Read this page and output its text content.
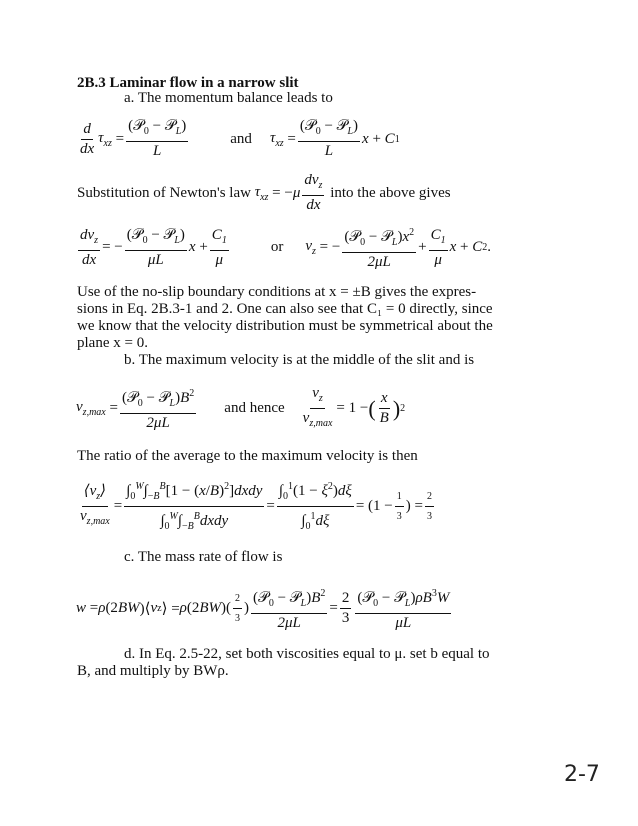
2B.3 Laminar flow in a narrow slit
a. The momentum balance leads to
$\frac{d}{dx} \tau_{xz} = \frac{(𝒫_0 - 𝒫_L)}{L}$	and $\tau_{xz} = \frac{(𝒫_0 - 𝒫_L)}{L}$ x + C 1
Substitution of Newton's law $\tau_{xz}$ = − μ $\frac{dv_z}{dx}$ into the above gives
$\frac{dv_z}{dx}$ = − $\frac{(𝒫_0 - 𝒫_L)}{\mu L}$ $x + \frac{C_1}{\mu}$	or $v_z$ = − $\frac{(𝒫_0 - 𝒫_L)x^2}{2\mu L} + \frac{C_1}{\mu}$ x + C 2 .
Use of the no-slip boundary conditions at x = ±B gives the expres-
sions in Eq. 2B.3-1 and 2. One can also see that C₁ = 0 directly, since
we know that the velocity distribution must be symmetrical about the
plane x = 0.
b. The maximum velocity is at the middle of the slit and is
$v_{z,max} = \frac{(𝒫_0 - 𝒫_L)B^2}{2\mu L}$ and hence $\frac{v_z}{v_{z,max}} = 1$ − ( $\frac{x}{B}$ ) 2
The ratio of the average to the maximum velocity is then
$\frac{⟨v_z⟩}{v_{z,max}} = \frac{\int_0^W\int_{-B}^B[1 - (x/B)^2]dxdy}{\int_0^W\int_{-B}^Bdxdy} = \frac{\int_0^1(1 - \xi^2)d\xi}{\int_0^1d\xi} = (1 - \frac{1}{3}$ ) = $\frac{2}{3}$
c. The mass rate of flow is
w = ρ (2 BW )⟨ v z ⟩ = ρ (2 BW )( $\frac{2}{3}$ ) $\frac{(𝒫_0 - 𝒫_L)B^2}{2\mu L} = \frac{2}{3} \frac{(𝒫_0 - 𝒫_L)\rho B^3W}{\mu L}$
d. In Eq. 2.5-22, set both viscosities equal to μ. set b equal to
B, and multiply by BWρ.
2-7
